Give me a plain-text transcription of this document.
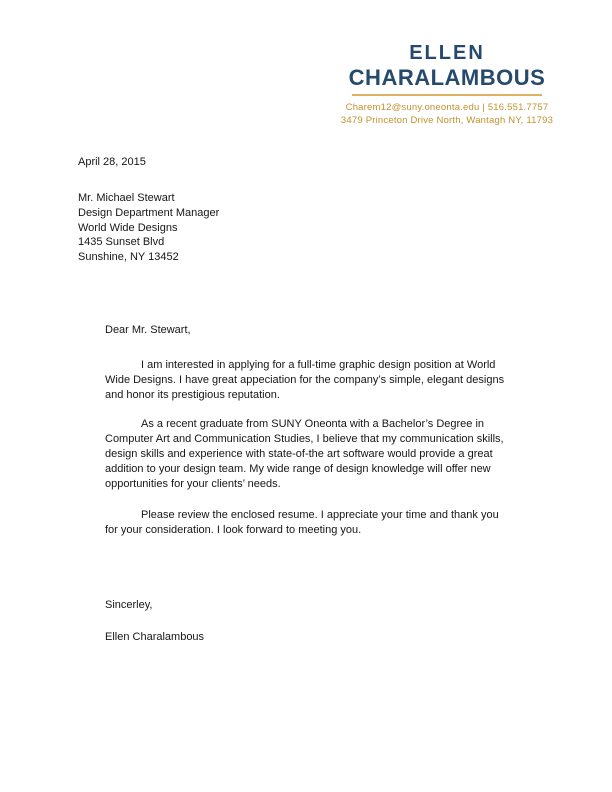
ELLEN
CHARALAMBOUS
Charem12@suny.oneonta.edu | 516.551.7757
3479 Princeton Drive North, Wantagh NY, 11793
April 28, 2015
Mr. Michael Stewart
Design Department Manager
World Wide Designs
1435 Sunset Blvd
Sunshine, NY 13452
Dear Mr. Stewart,

I am interested in applying for a full-time graphic design position at World Wide Designs. I have great appeciation for the company’s simple, elegant designs and honor its prestigious reputation.

As a recent graduate from SUNY Oneonta with a Bachelor’s Degree in Computer Art and Communication Studies, I believe that my communication skills, design skills and experience with state-of-the art software would provide a great addition to your design team. My wide range of design knowledge will offer new opportunities for your clients’ needs.

Please review the enclosed resume. I appreciate your time and thank you for your consideration. I look forward to meeting you.

Sincerley,
Ellen Charalambous
